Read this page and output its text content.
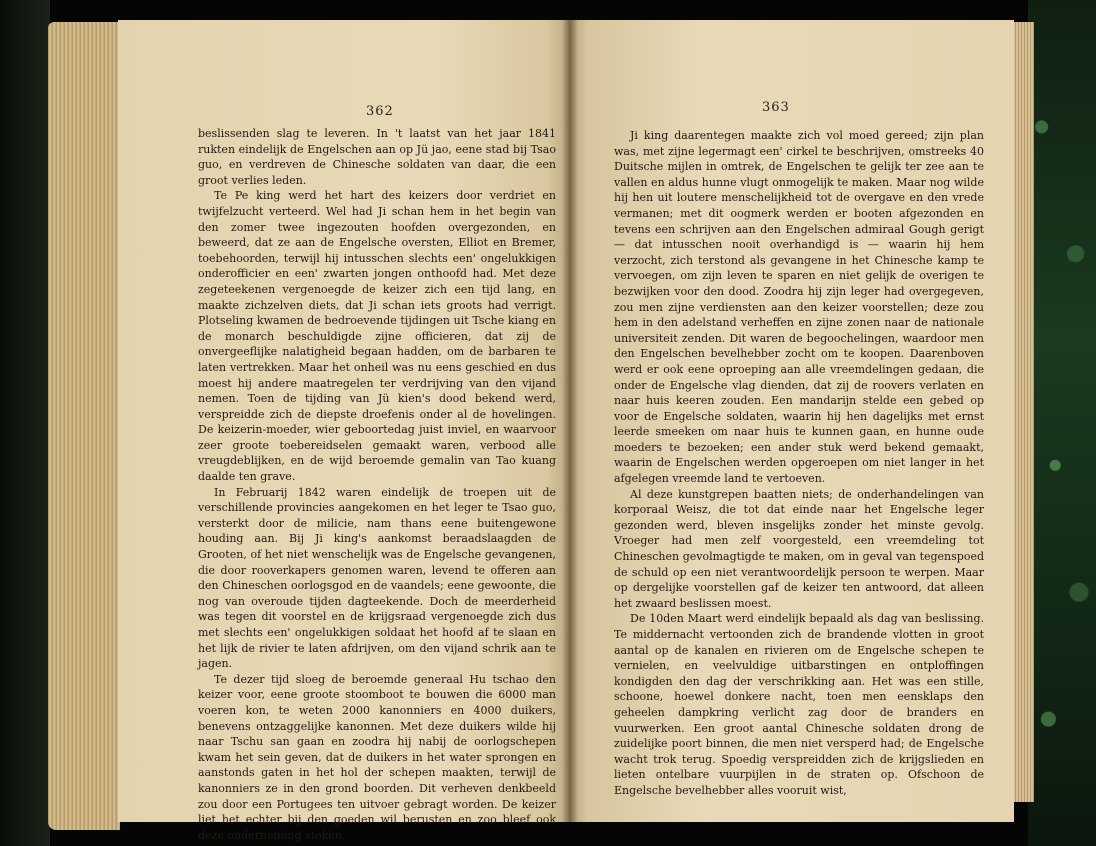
362

beslissenden slag te leveren. In 't laatst van het jaar 1841 rukten eindelijk de Engelschen aan op Jü jao, eene stad bij Tsao guo, en verdreven de Chinesche soldaten van daar, die een groot verlies leden.

Te Pe king werd het hart des keizers door verdriet en twijfelzucht verteerd. Wel had Ji schan hem in het begin van den zomer twee ingezouten hoofden overgezonden, en beweerd, dat ze aan de Engelsche oversten, Elliot en Bremer, toebehoorden, terwijl hij intusschen slechts een' ongelukkigen onderofficier en een' zwarten jongen onthoofd had. Met deze zegeteekenen vergenoegde de keizer zich een tijd lang, en maakte zichzelven diets, dat Ji schan iets groots had verrigt. Plotseling kwamen de bedroevende tijdingen uit Tsche kiang en de monarch beschuldigde zijne officieren, dat zij de onvergeeflijke nalatigheid begaan hadden, om de barbaren te laten vertrekken. Maar het onheil was nu eens geschied en dus moest hij andere maatregelen ter verdrijving van den vijand nemen. Toen de tijding van Jü kien's dood bekend werd, verspreidde zich de diepste droefenis onder al de hovelingen. De keizerin-moeder, wier geboortedag juist inviel, en waarvoor zeer groote toebereidselen gemaakt waren, verbood alle vreugdeblijken, en de wijd beroemde gemalin van Tao kuang daalde ten grave.

In Februarij 1842 waren eindelijk de troepen uit de verschillende provincies aangekomen en het leger te Tsao guo, versterkt door de milicie, nam thans eene buitengewone houding aan. Bij Ji king's aankomst beraadslaagden de Grooten, of het niet wenschelijk was de Engelsche gevangenen, die door rooverkapers genomen waren, levend te offeren aan den Chineschen oorlogsgod en de vaandels; eene gewoonte, die nog van overoude tijden dagteekende. Doch de meerderheid was tegen dit voorstel en de krijgsraad vergenoegde zich dus met slechts een' ongelukkigen soldaat het hoofd af te slaan en het lijk de rivier te laten afdrijven, om den vijand schrik aan te jagen.

Te dezer tijd sloeg de beroemde generaal Hu tschao den keizer voor, eene groote stoomboot te bouwen die 6000 man voeren kon, te weten 2000 kanonniers en 4000 duikers, benevens ontzaggelijke kanonnen. Met deze duikers wilde hij naar Tschu san gaan en zoodra hij nabij de oorlogschepen kwam het sein geven, dat de duikers in het water sprongen en aanstonds gaten in het hol der schepen maakten, terwijl de kanonniers ze in den grond boorden. Dit verheven denkbeeld zou door een Portugees ten uitvoer gebragt worden. De keizer liet het echter bij den goeden wil berusten en zoo bleef ook deze onderneming steken.

363

Ji king daarentegen maakte zich vol moed gereed; zijn plan was, met zijne legermagt een' cirkel te beschrijven, omstreeks 40 Duitsche mijlen in omtrek, de Engelschen te gelijk ter zee aan te vallen en aldus hunne vlugt onmogelijk te maken. Maar nog wilde hij hen uit loutere menschelijkheid tot de overgave en den vrede vermanen; met dit oogmerk werden er booten afgezonden en tevens een schrijven aan den Engelschen admiraal Gough gerigt — dat intusschen nooit overhandigd is — waarin hij hem verzocht, zich terstond als gevangene in het Chinesche kamp te vervoegen, om zijn leven te sparen en niet gelijk de overigen te bezwijken voor den dood. Zoodra hij zijn leger had overgegeven, zou men zijne verdiensten aan den keizer voorstellen; deze zou hem in den adelstand verheffen en zijne zonen naar de nationale universiteit zenden. Dit waren de begoochelingen, waardoor men den Engelschen bevelhebber zocht om te koopen. Daarenboven werd er ook eene oproeping aan alle vreemdelingen gedaan, die onder de Engelsche vlag dienden, dat zij de roovers verlaten en naar huis keeren zouden. Een mandarijn stelde een gebed op voor de Engelsche soldaten, waarin hij hen dagelijks met ernst leerde smeeken om naar huis te kunnen gaan, en hunne oude moeders te bezoeken; een ander stuk werd bekend gemaakt, waarin de Engelschen werden opgeroepen om niet langer in het afgelegen vreemde land te vertoeven.

Al deze kunstgrepen baatten niets; de onderhandelingen van korporaal Weisz, die tot dat einde naar het Engelsche leger gezonden werd, bleven insgelijks zonder het minste gevolg. Vroeger had men zelf voorgesteld, een vreemdeling tot Chineschen gevolmagtigde te maken, om in geval van tegenspoed de schuld op een niet verantwoordelijk persoon te werpen. Maar op dergelijke voorstellen gaf de keizer ten antwoord, dat alleen het zwaard beslissen moest.

De 10den Maart werd eindelijk bepaald als dag van beslissing. Te middernacht vertoonden zich de brandende vlotten in groot aantal op de kanalen en rivieren om de Engelsche schepen te vernielen, en veelvuldige uitbarstingen en ontploffingen kondigden den dag der verschrikking aan. Het was een stille, schoone, hoewel donkere nacht, toen men eensklaps den geheelen dampkring verlicht zag door de branders en vuurwerken. Een groot aantal Chinesche soldaten drong de zuidelijke poort binnen, die men niet versperd had; de Engelsche wacht trok terug. Spoedig verspreidden zich de krijgslieden en lieten ontelbare vuurpijlen in de straten op. Ofschoon de Engelsche bevelhebber alles vooruit wist,
